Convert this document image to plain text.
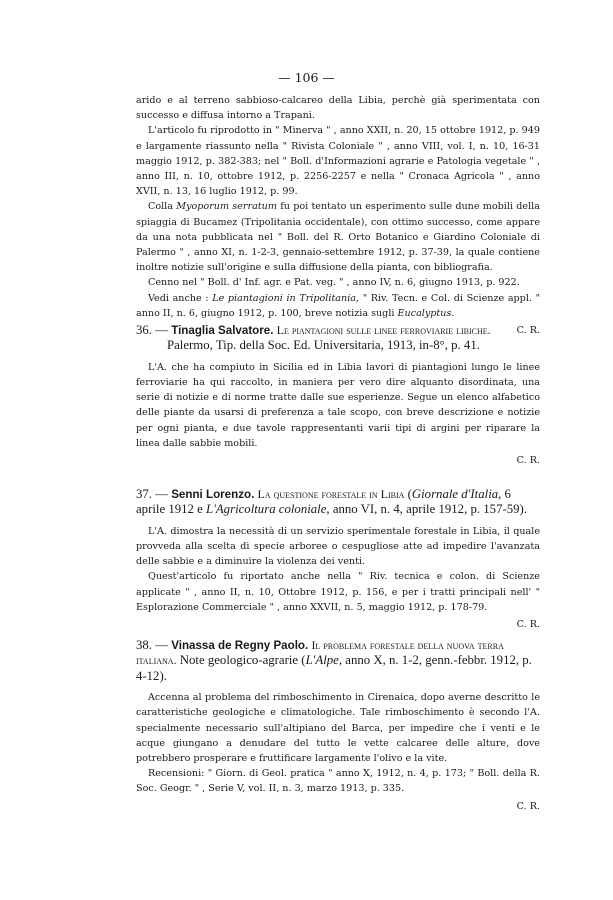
— 106 —

arido e al terreno sabbioso-calcareo della Libia, perchè già sperimentata con successo e diffusa intorno a Trapani.

L'articolo fu riprodotto in " Minerva " , anno XXII, n. 20, 15 ottobre 1912, p. 949 e largamente riassunto nella " Rivista Coloniale " , anno VIII, vol. I, n. 10, 16-31 maggio 1912, p. 382-383; nel " Boll. d'Informazioni agrarie e Patologia vegetale " , anno III, n. 10, ottobre 1912, p. 2256-2257 e nella " Cronaca Agricola " , anno XVII, n. 13, 16 luglio 1912, p. 99.

Colla Myoporum serratum fu poi tentato un esperimento sulle dune mobili della spiaggia di Bucamez (Tripolitania occidentale), con ottimo successo, come appare da una nota pubblicata nel " Boll. del R. Orto Botanico e Giardino Coloniale di Palermo " , anno XI, n. 1-2-3, gennaio-settembre 1912, p. 37-39, la quale contiene inoltre notizie sull'origine e sulla diffusione della pianta, con bibliografia.

Cenno nel " Boll. d' Inf. agr. e Pat. veg. " , anno IV, n. 6, giugno 1913, p. 922.

Vedi anche : Le piantagioni in Tripolitania, " Riv. Tecn. e Col. di Scienze appl. " anno II, n. 6, giugno 1912, p. 100, breve notizia sugli Eucalyptus.

C. R.

36. — Tinaglia Salvatore. Le piantagioni sulle linee ferroviarie libiche.
Palermo, Tip. della Soc. Ed. Universitaria, 1913, in-8°, p. 41.

L'A. che ha compiuto in Sicilia ed in Libia lavori di piantagioni lungo le linee ferroviarie ha qui raccolto, in maniera per vero dire alquanto disordinata, una serie di notizie e di norme tratte dalle sue esperienze. Segue un elenco alfabetico delle piante da usarsi di preferenza a tale scopo, con breve descrizione e notizie per ogni pianta, e due tavole rappresentanti varii tipi di argini per riparare la linea dalle sabbie mobili.

C. R.

37. — Senni Lorenzo. La questione forestale in Libia (Giornale d'Italia, 6 aprile 1912 e L'Agricoltura coloniale, anno VI, n. 4, aprile 1912, p. 157-59).

L'A. dimostra la necessità di un servizio sperimentale forestale in Libia, il quale provveda alla scelta di specie arboree o cespugliose atte ad impedire l'avanzata delle sabbie e a diminuire la violenza dei venti.

Quest'articolo fu riportato anche nella " Riv. tecnica e colon. di Scienze applicate " , anno II, n. 10, Ottobre 1912, p. 156, e per i tratti principali nell' " Esplorazione Commerciale " , anno XXVII, n. 5, maggio 1912, p. 178-79.

C. R.

38. — Vinassa de Regny Paolo. Il problema forestale della nuova terra italiana. Note geologico-agrarie (L'Alpe, anno X, n. 1-2, genn.-febbr. 1912, p. 4-12).

Accenna al problema del rimboschimento in Cirenaica, dopo averne descritto le caratteristiche geologiche e climatologiche. Tale rimboschimento è secondo l'A. specialmente necessario sull'altipiano del Barca, per impedire che i venti e le acque giungano a denudare del tutto le vette calcaree delle alture, dove potrebbero prosperare e fruttificare largamente l'olivo e la vite.

Recensioni: " Giorn. di Geol. pratica " anno X, 1912, n. 4, p. 173; " Boll. della R. Soc. Geogr. " , Serie V, vol. II, n. 3, marzo 1913, p. 335.

C. R.
